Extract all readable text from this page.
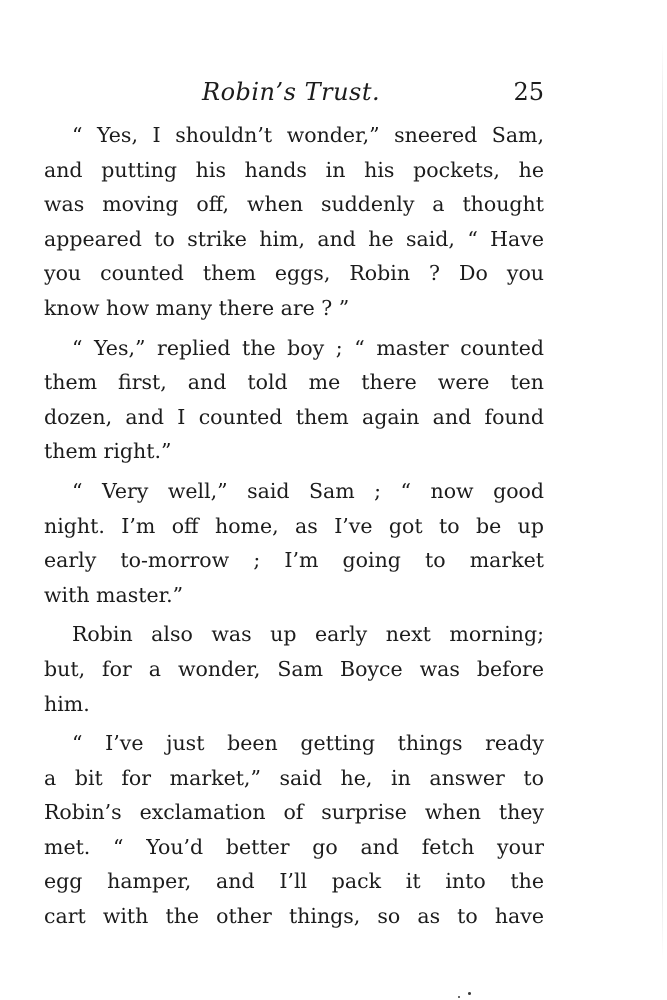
Robin’s Trust.	25

“ Yes, I shouldn’t wonder,” sneered Sam,
and putting his hands in his pockets, he
was moving off, when suddenly a thought
appeared to strike him, and he said, “ Have
you counted them eggs, Robin ? Do you
know how many there are ? ”

“ Yes,” replied the boy ; “ master counted
them first, and told me there were ten
dozen, and I counted them again and found
them right.”

“ Very well,” said Sam ; “ now good
night. I’m off home, as I’ve got to be up
early to-morrow ; I’m going to market
with master.”

Robin also was up early next morning;
but, for a wonder, Sam Boyce was before
him.

“ I’ve just been getting things ready
a bit for market,” said he, in answer to
Robin’s exclamation of surprise when they
met. “ You’d better go and fetch your
egg hamper, and I’ll pack it into the
cart with the other things, so as to have
